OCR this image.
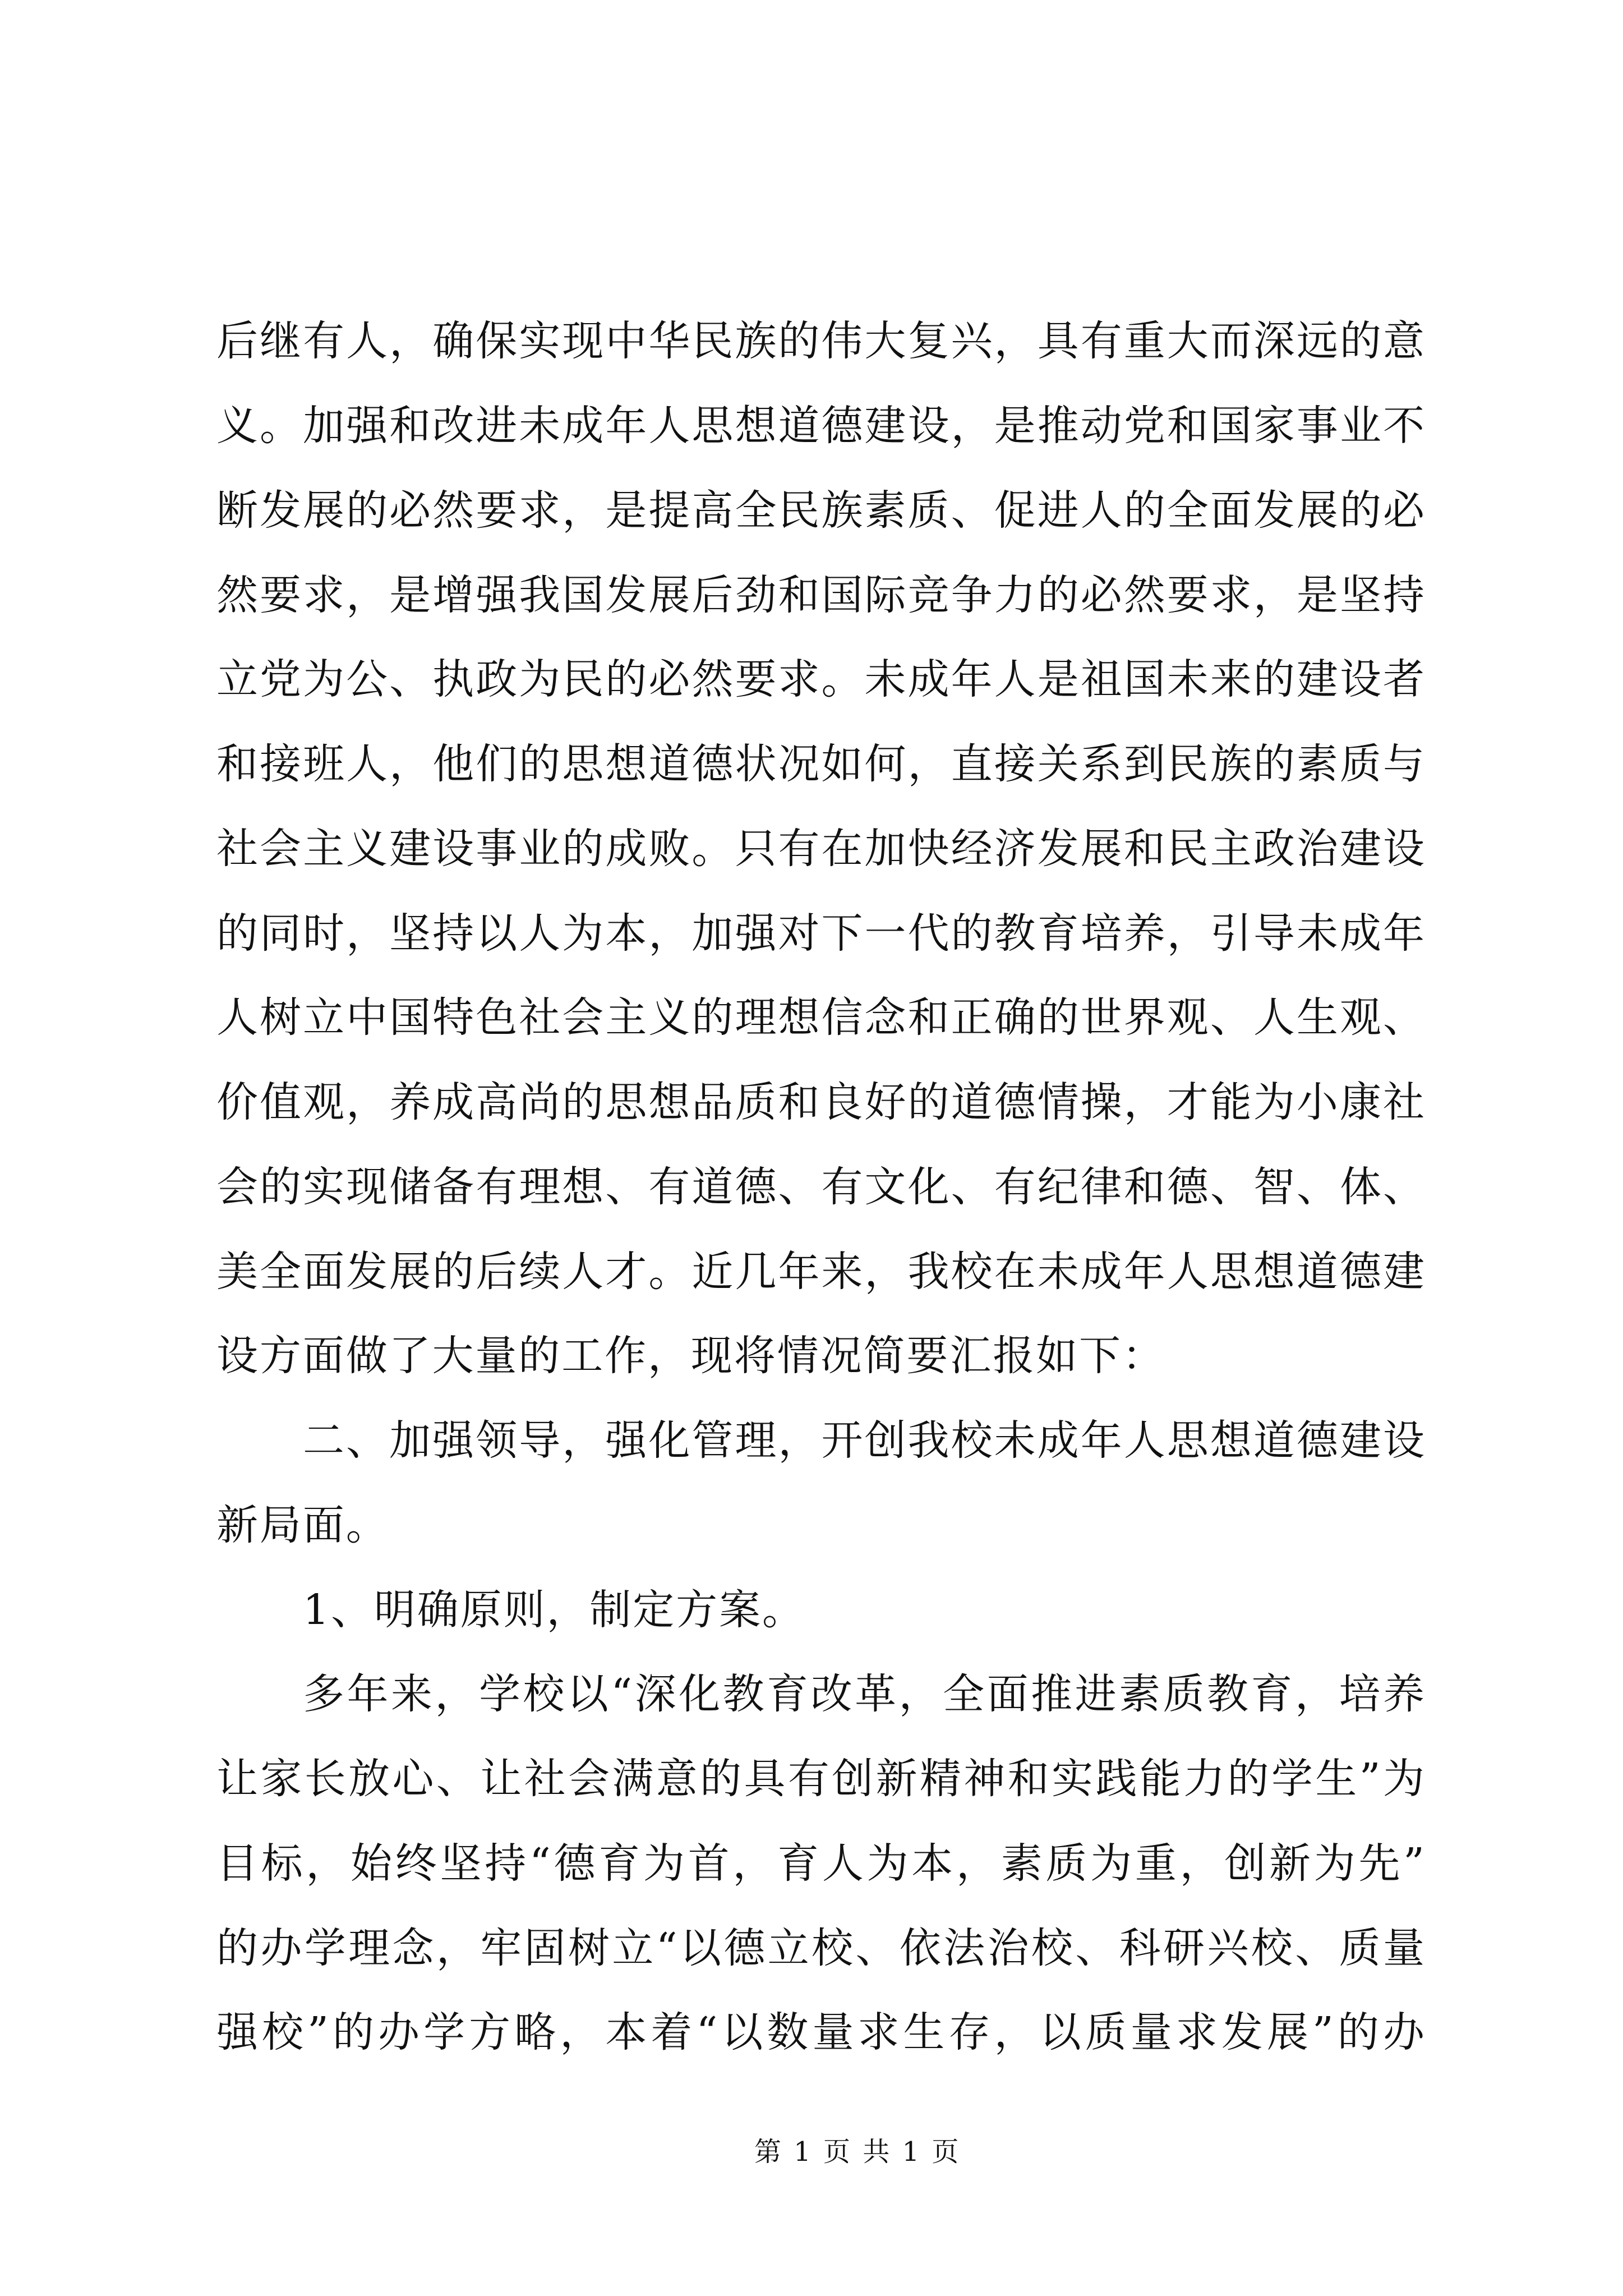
后继有人，确保实现中华民族的伟大复兴，具有重大而深远的意
义。加强和改进未成年人思想道德建设，是推动党和国家事业不
断发展的必然要求，是提高全民族素质、促进人的全面发展的必
然要求，是增强我国发展后劲和国际竞争力的必然要求，是坚持
立党为公、执政为民的必然要求。未成年人是祖国未来的建设者
和接班人，他们的思想道德状况如何，直接关系到民族的素质与
社会主义建设事业的成败。只有在加快经济发展和民主政治建设
的同时，坚持以人为本，加强对下一代的教育培养，引导未成年
人树立中国特色社会主义的理想信念和正确的世界观、人生观、
价值观，养成高尚的思想品质和良好的道德情操，才能为小康社
会的实现储备有理想、有道德、有文化、有纪律和德、智、体、
美全面发展的后续人才。近几年来，我校在未成年人思想道德建
设方面做了大量的工作，现将情况简要汇报如下：
二、加强领导，强化管理，开创我校未成年人思想道德建设
新局面。
1、明确原则，制定方案。
多年来，学校以“深化教育改革，全面推进素质教育，培养
让家长放心、让社会满意的具有创新精神和实践能力的学生”为
目标，始终坚持“德育为首，育人为本，素质为重，创新为先”
的办学理念，牢固树立“以德立校、依法治校、科研兴校、质量
强校”的办学方略，本着“以数量求生存，以质量求发展”的办
第 1 页 共 1 页
